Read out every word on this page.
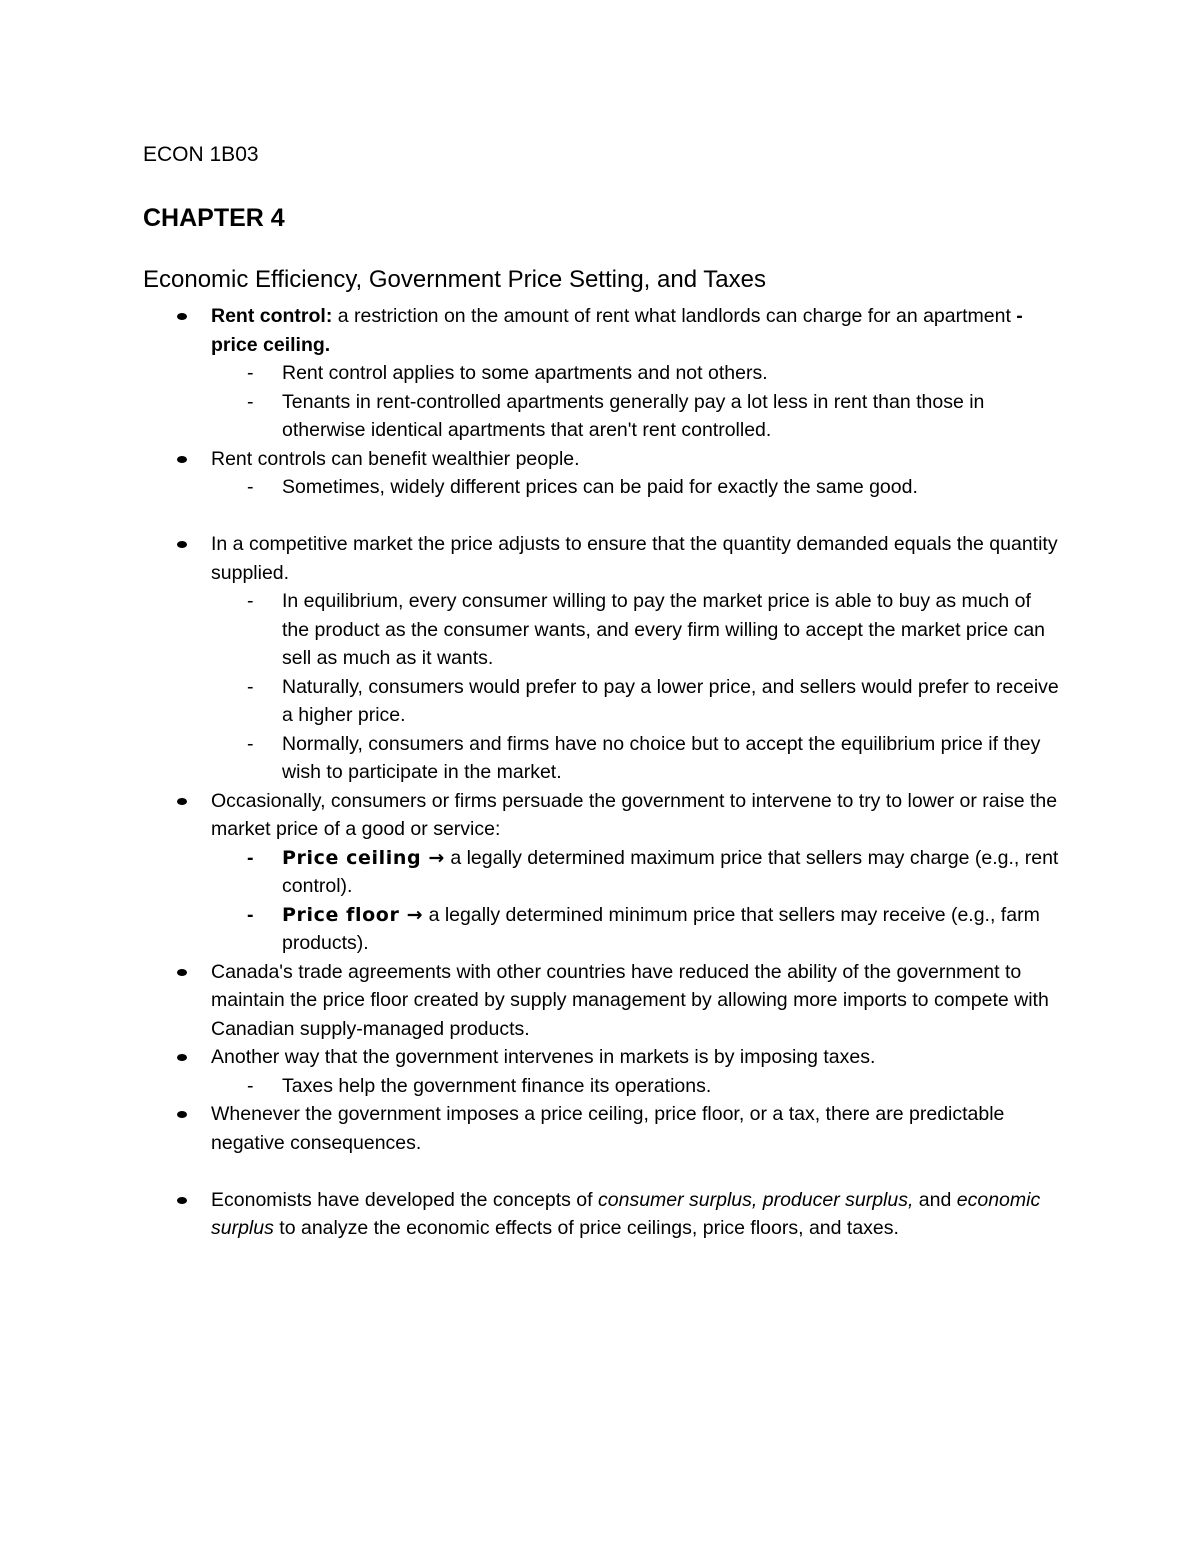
ECON 1B03

CHAPTER 4
Economic Efficiency, Government Price Setting, and Taxes
Rent control: a restriction on the amount of rent what landlords can charge for an apartment - price ceiling.
- Rent control applies to some apartments and not others.
- Tenants in rent-controlled apartments generally pay a lot less in rent than those in otherwise identical apartments that aren't rent controlled.
Rent controls can benefit wealthier people.
- Sometimes, widely different prices can be paid for exactly the same good.
In a competitive market the price adjusts to ensure that the quantity demanded equals the quantity supplied.
- In equilibrium, every consumer willing to pay the market price is able to buy as much of the product as the consumer wants, and every firm willing to accept the market price can sell as much as it wants.
- Naturally, consumers would prefer to pay a lower price, and sellers would prefer to receive a higher price.
- Normally, consumers and firms have no choice but to accept the equilibrium price if they wish to participate in the market.
Occasionally, consumers or firms persuade the government to intervene to try to lower or raise the market price of a good or service:
- Price ceiling → a legally determined maximum price that sellers may charge (e.g., rent control).
- Price floor → a legally determined minimum price that sellers may receive (e.g., farm products).
Canada's trade agreements with other countries have reduced the ability of the government to maintain the price floor created by supply management by allowing more imports to compete with Canadian supply-managed products.
Another way that the government intervenes in markets is by imposing taxes.
- Taxes help the government finance its operations.
Whenever the government imposes a price ceiling, price floor, or a tax, there are predictable negative consequences.
Economists have developed the concepts of consumer surplus, producer surplus, and economic surplus to analyze the economic effects of price ceilings, price floors, and taxes.
